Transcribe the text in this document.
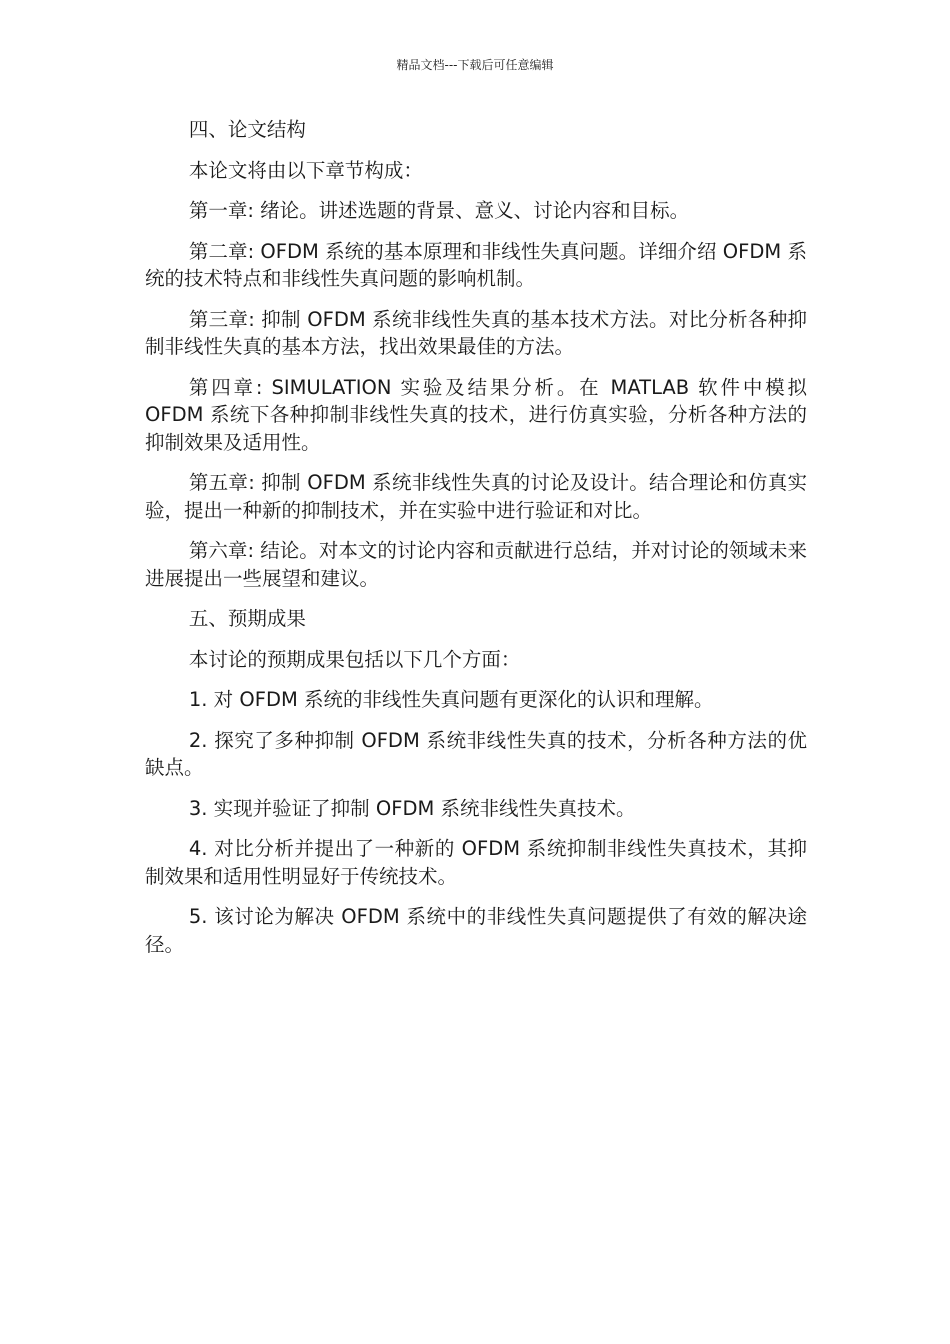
精品文档---下载后可任意编辑

四、论文结构

本论文将由以下章节构成：

第一章: 绪论。讲述选题的背景、意义、讨论内容和目标。

第二章: OFDM 系统的基本原理和非线性失真问题。详细介绍 OFDM 系统的技术特点和非线性失真问题的影响机制。

第三章: 抑制 OFDM 系统非线性失真的基本技术方法。对比分析各种抑制非线性失真的基本方法，找出效果最佳的方法。

第四章: SIMULATION 实验及结果分析。在 MATLAB 软件中模拟 OFDM 系统下各种抑制非线性失真的技术，进行仿真实验，分析各种方法的抑制效果及适用性。

第五章: 抑制 OFDM 系统非线性失真的讨论及设计。结合理论和仿真实验，提出一种新的抑制技术，并在实验中进行验证和对比。

第六章: 结论。对本文的讨论内容和贡献进行总结，并对讨论的领域未来进展提出一些展望和建议。

五、预期成果

本讨论的预期成果包括以下几个方面：

1. 对 OFDM 系统的非线性失真问题有更深化的认识和理解。

2. 探究了多种抑制 OFDM 系统非线性失真的技术，分析各种方法的优缺点。

3. 实现并验证了抑制 OFDM 系统非线性失真技术。

4. 对比分析并提出了一种新的 OFDM 系统抑制非线性失真技术，其抑制效果和适用性明显好于传统技术。

5. 该讨论为解决 OFDM 系统中的非线性失真问题提供了有效的解决途径。
